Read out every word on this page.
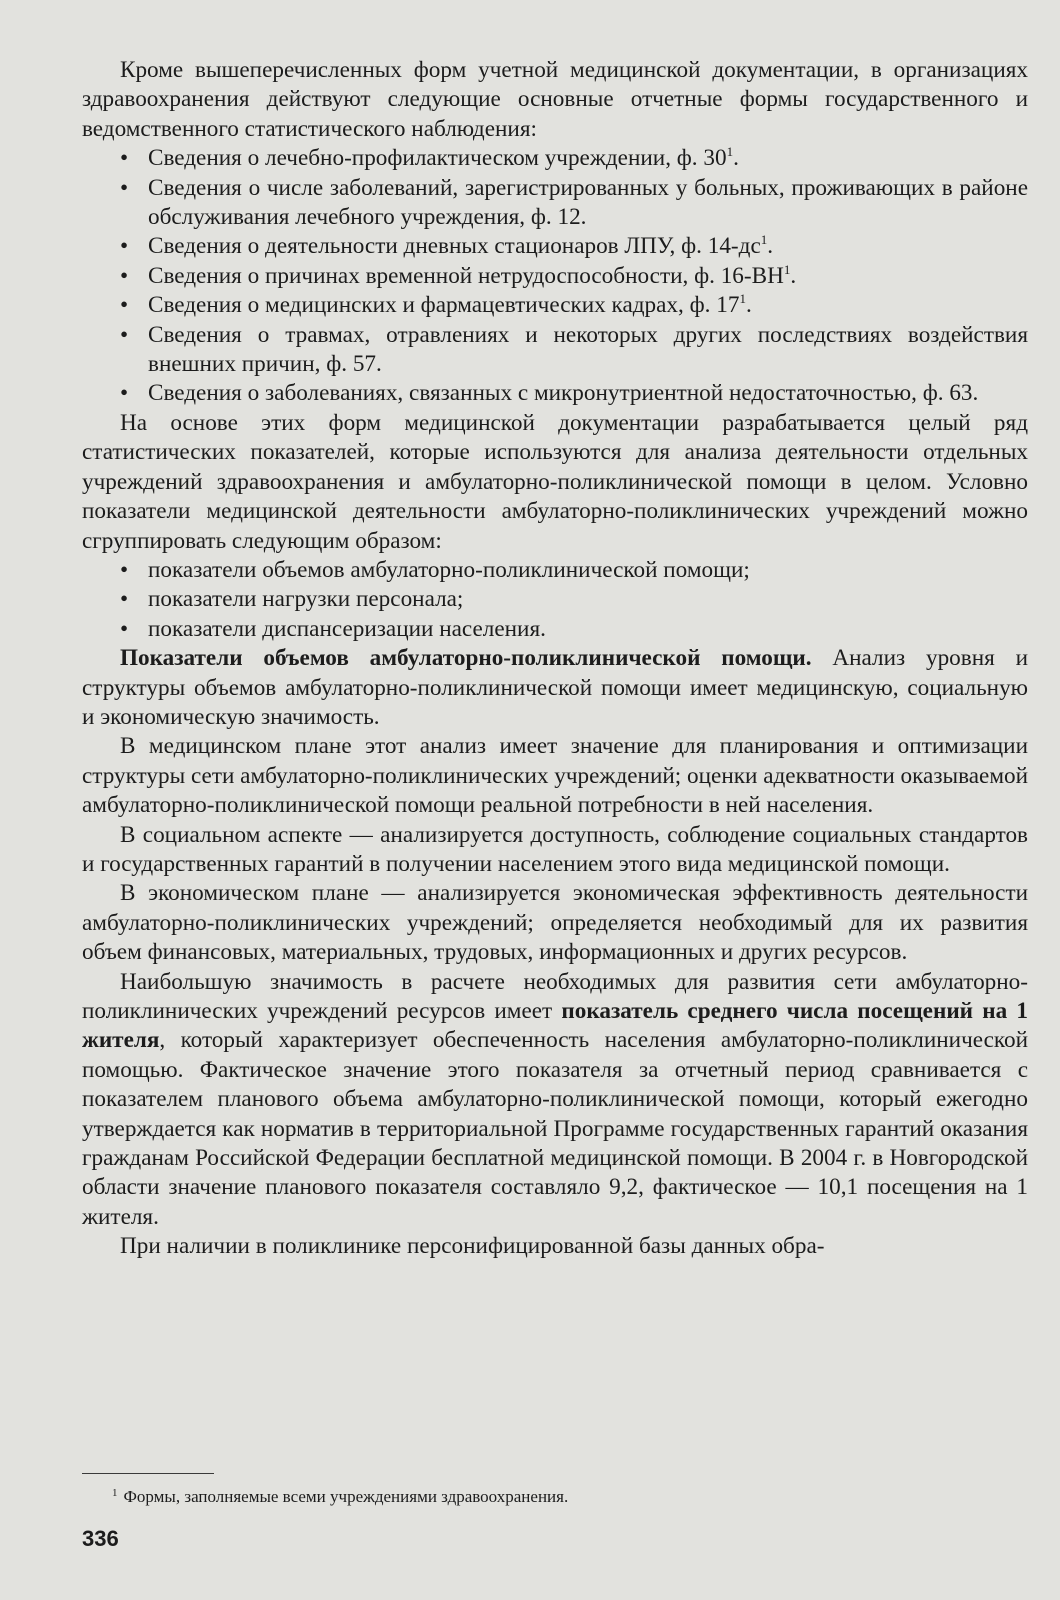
Кроме вышеперечисленных форм учетной медицинской документации, в организациях здравоохранения действуют следующие основные отчетные формы государственного и ведомственного статистического наблюдения:

• Сведения о лечебно-профилактическом учреждении, ф. $30^1$.
• Сведения о числе заболеваний, зарегистрированных у больных, проживающих в районе обслуживания лечебного учреждения, ф. 12.
• Сведения о деятельности дневных стационаров ЛПУ, ф. $14-дс^1$.
• Сведения о причинах временной нетрудоспособности, ф. $16-ВН^1$.
• Сведения о медицинских и фармацевтических кадрах, ф. $17^1$.
• Сведения о травмах, отравлениях и некоторых других последствиях воздействия внешних причин, ф. 57.
• Сведения о заболеваниях, связанных с микронутриентной недостаточностью, ф. 63.

На основе этих форм медицинской документации разрабатывается целый ряд статистических показателей, которые используются для анализа деятельности отдельных учреждений здравоохранения и амбулаторно-поликлинической помощи в целом. Условно показатели медицинской деятельности амбулаторно-поликлинических учреждений можно сгруппировать следующим образом:

• показатели объемов амбулаторно-поликлинической помощи;
• показатели нагрузки персонала;
• показатели диспансеризации населения.

Показатели объемов амбулаторно-поликлинической помощи. Анализ уровня и структуры объемов амбулаторно-поликлинической помощи имеет медицинскую, социальную и экономическую значимость.

В медицинском плане этот анализ имеет значение для планирования и оптимизации структуры сети амбулаторно-поликлинических учреждений; оценки адекватности оказываемой амбулаторно-поликлинической помощи реальной потребности в ней населения.

В социальном аспекте — анализируется доступность, соблюдение социальных стандартов и государственных гарантий в получении населением этого вида медицинской помощи.

В экономическом плане — анализируется экономическая эффективность деятельности амбулаторно-поликлинических учреждений; определяется необходимый для их развития объем финансовых, материальных, трудовых, информационных и других ресурсов.

Наибольшую значимость в расчете необходимых для развития сети амбулаторно-поликлинических учреждений ресурсов имеет показатель среднего числа посещений на 1 жителя, который характеризует обеспеченность населения амбулаторно-поликлинической помощью. Фактическое значение этого показателя за отчетный период сравнивается с показателем планового объема амбулаторно-поликлинической помощи, который ежегодно утверждается как норматив в территориальной Программе государственных гарантий оказания гражданам Российской Федерации бесплатной медицинской помощи. В 2004 г. в Новгородской области значение планового показателя составляло 9,2, фактическое — 10,1 посещения на 1 жителя.

При наличии в поликлинике персонифицированной базы данных обра-

$^1$ Формы, заполняемые всеми учреждениями здравоохранения.
336
